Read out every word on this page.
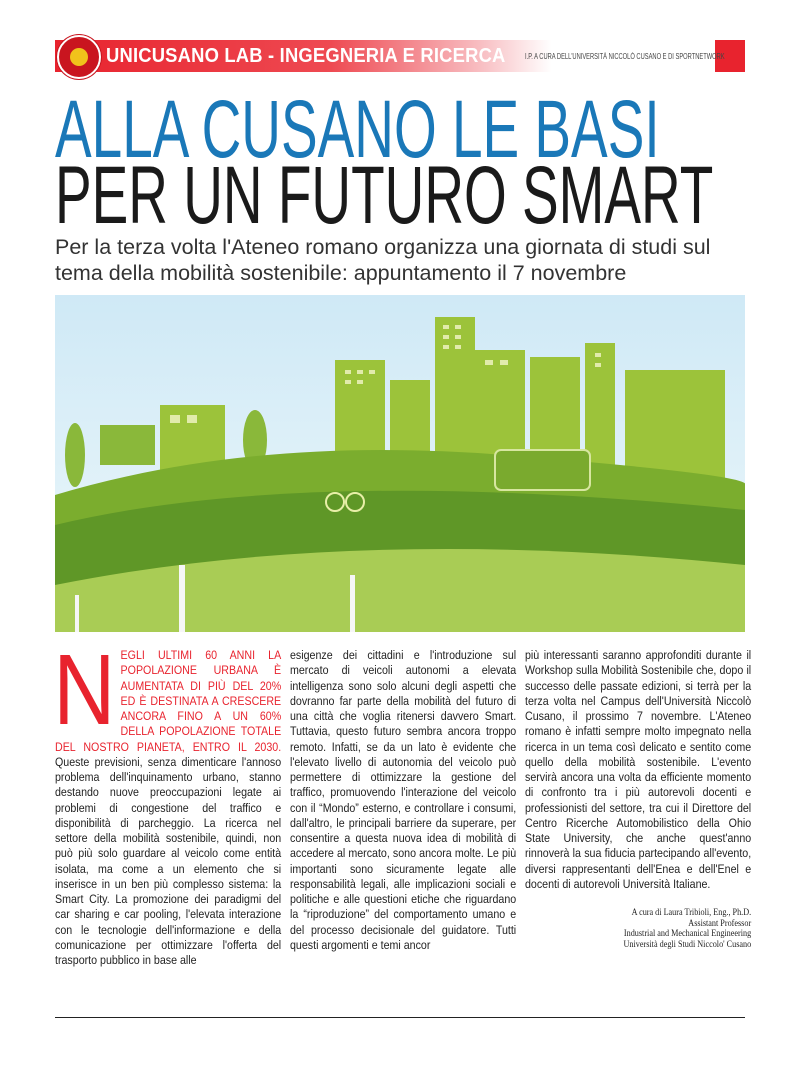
UNICUSANO LAB - INGEGNERIA E RICERCA I.P. A CURA DELL'UNIVERSITÀ NICCOLÒ CUSANO E DI SPORTNETWORK
ALLA CUSANO LE BASI
PER UN FUTURO SMART

Per la terza volta l'Ateneo romano organizza una giornata di studi sul tema della mobilità sostenibile: appuntamento il 7 novembre

N EGLI ULTIMI 60 ANNI LA POPOLAZIONE URBANA È AUMENTATA DI PIÙ DEL 20% ED È DESTINATA A CRESCERE ANCORA FINO A UN 60% DELLA POPOLAZIONE TOTALE DEL NOSTRO PIANETA, ENTRO IL 2030. Queste previsioni, senza dimenticare l'annoso problema dell'inquinamento urbano, stanno destando nuove preoccupazioni legate ai problemi di congestione del traffico e disponibilità di parcheggio. La ricerca nel settore della mobilità sostenibile, quindi, non può più solo guardare al veicolo come entità isolata, ma come a un elemento che si inserisce in un ben più complesso sistema: la Smart City. La promozione dei paradigmi del car sharing e car pooling, l'elevata interazione con le tecnologie dell'informazione e della comunicazione per ottimizzare l'offerta del trasporto pubblico in base alle
esigenze dei cittadini e l'introduzione sul mercato di veicoli autonomi a elevata intelligenza sono solo alcuni degli aspetti che dovranno far parte della mobilità del futuro di una città che voglia ritenersi davvero Smart. Tuttavia, questo futuro sembra ancora troppo remoto. Infatti, se da un lato è evidente che l'elevato livello di autonomia del veicolo può permettere di ottimizzare la gestione del traffico, promuovendo l'interazione del veicolo con il “Mondo” esterno, e controllare i consumi, dall'altro, le principali barriere da superare, per consentire a questa nuova idea di mobilità di accedere al mercato, sono ancora molte. Le più importanti sono sicuramente legate alle responsabilità legali, alle implicazioni sociali e politiche e alle questioni etiche che riguardano la “riproduzione” del comportamento umano e del processo decisionale del guidatore. Tutti questi argomenti e temi ancor
più interessanti saranno approfonditi durante il Workshop sulla Mobilità Sostenibile che, dopo il successo delle passate edizioni, si terrà per la terza volta nel Campus dell'Università Niccolò Cusano, il prossimo 7 novembre. L'Ateneo romano è infatti sempre molto impegnato nella ricerca in un tema così delicato e sentito come quello della mobilità sostenibile. L'evento servirà ancora una volta da efficiente momento di confronto tra i più autorevoli docenti e professionisti del settore, tra cui il Direttore del Centro Ricerche Automobilistico della Ohio State University, che anche quest'anno rinnoverà la sua fiducia partecipando all'evento, diversi rappresentanti dell'Enea e dell'Enel e docenti di autorevoli Università Italiane.
A cura di Laura Tribioli, Eng., Ph.D.
Assistant Professor
Industrial and Mechanical Engineering
Università degli Studi Niccolo' Cusano
